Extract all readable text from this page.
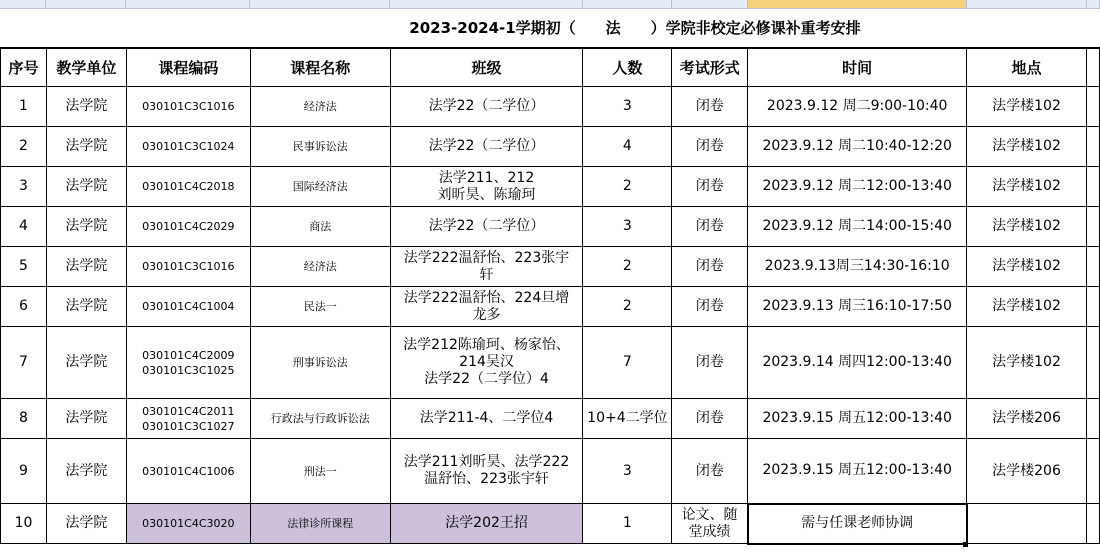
2023-2024-1学期初（　　法　　）学院非校定必修课补重考安排
序号	教学单位	课程编码	课程名称	班级	人数	考试形式	时间	地点	
1	法学院	030101C3C1016	经济法	法学22（二学位）	3	闭卷	2023.9.12 周二9:00-10:40	法学楼102	
2	法学院	030101C3C1024	民事诉讼法	法学22（二学位）	4	闭卷	2023.9.12 周二10:40-12:20	法学楼102	
3	法学院	030101C4C2018	国际经济法	法学211、212
刘昕昊、陈瑜珂	2	闭卷	2023.9.12 周二12:00-13:40	法学楼102	
4	法学院	030101C4C2029	商法	法学22（二学位）	3	闭卷	2023.9.12 周二14:00-15:40	法学楼102	
5	法学院	030101C3C1016	经济法	法学222温舒怡、223张宇
轩	2	闭卷	2023.9.13周三14:30-16:10	法学楼102	
6	法学院	030101C4C1004	民法一	法学222温舒怡、224旦增
龙多	2	闭卷	2023.9.13 周三16:10-17:50	法学楼102	
7	法学院	030101C4C2009
030101C3C1025	刑事诉讼法	法学212陈瑜珂、杨家怡、
214吴汉
法学22（二学位）4	7	闭卷	2023.9.14 周四12:00-13:40	法学楼102	
8	法学院	030101C4C2011
030101C3C1027	行政法与行政诉讼法	法学211-4、二学位4	10+4二学位	闭卷	2023.9.15 周五12:00-13:40	法学楼206	
9	法学院	030101C4C1006	刑法一	法学211刘昕昊、法学222
温舒怡、223张宇轩	3	闭卷	2023.9.15 周五12:00-13:40	法学楼206	
10	法学院	030101C4C3020	法律诊所课程	法学202王招	1	论文、随
堂成绩	需与任课老师协调		
